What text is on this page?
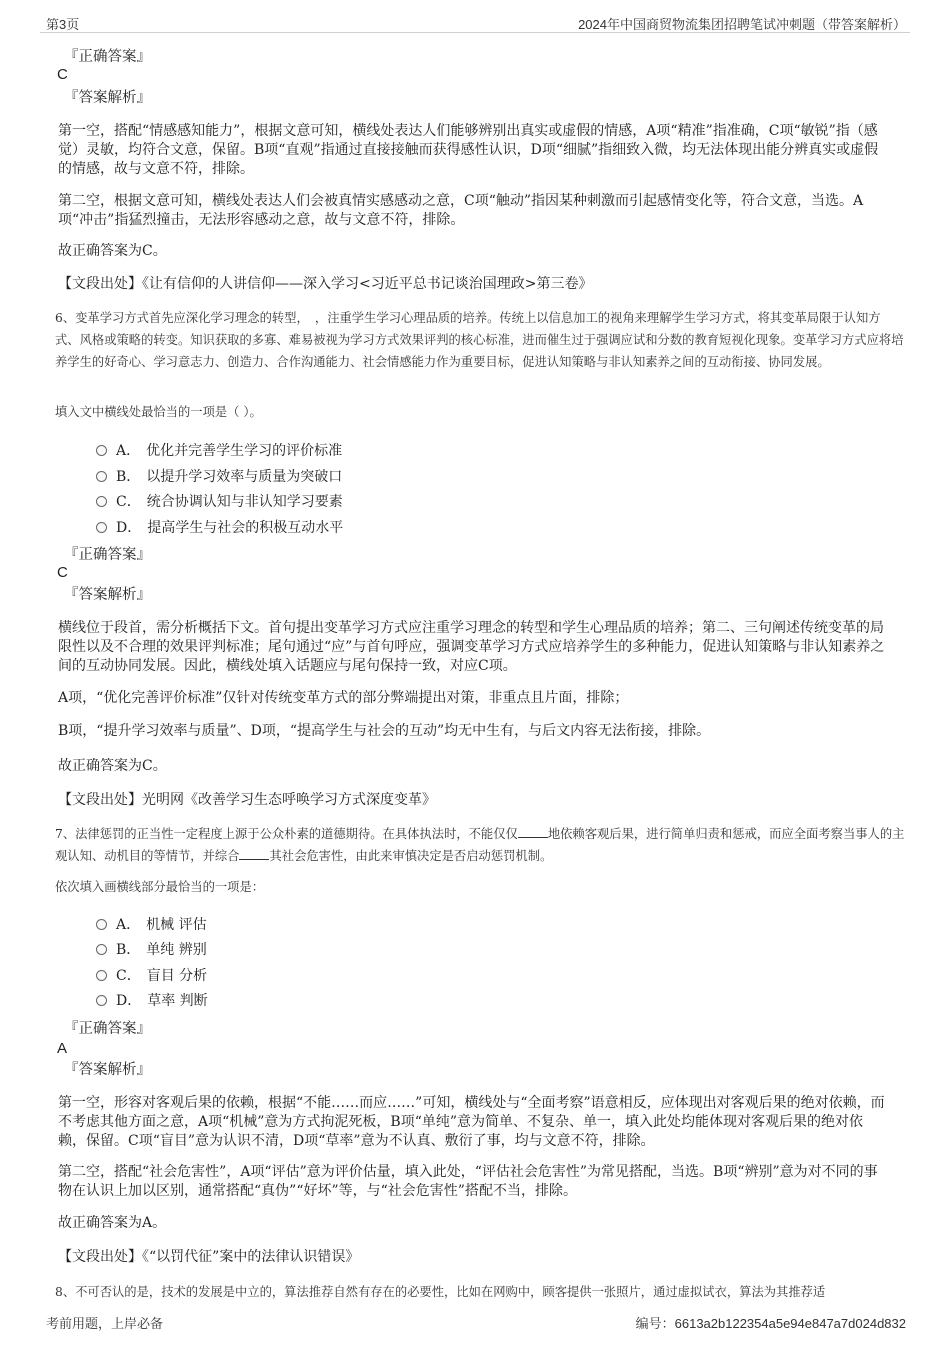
第3页	2024年中国商贸物流集团招聘笔试冲刺题（带答案解析）
『正确答案』
C
『答案解析』
第一空，搭配“情感感知能力”，根据文意可知，横线处表达人们能够辨别出真实或虚假的情感，A项“精准”指准确，C项“敏锐”指（感觉）灵敏，均符合文意，保留。B项“直观”指通过直接接触而获得感性认识，D项“细腻”指细致入微，均无法体现出能分辨真实或虚假的情感，故与文意不符，排除。
第二空，根据文意可知，横线处表达人们会被真情实感感动之意，C项“触动”指因某种刺激而引起感情变化等，符合文意，当选。A项“冲击”指猛烈撞击，无法形容感动之意，故与文意不符，排除。
故正确答案为C。
【文段出处】《让有信仰的人讲信仰——深入学习<习近平总书记谈治国理政>第三卷》
6、变革学习方式首先应深化学习理念的转型，　，注重学生学习心理品质的培养。传统上以信息加工的视角来理解学生学习方式，将其变革局限于认知方式、风格或策略的转变。知识获取的多寡、难易被视为学习方式效果评判的核心标准，进而催生过于强调应试和分数的教育短视化现象。变革学习方式应将培养学生的好奇心、学习意志力、创造力、合作沟通能力、社会情感能力作为重要目标，促进认知策略与非认知素养之间的互动衔接、协同发展。
填入文中横线处最恰当的一项是（ ）。
A． 优化并完善学生学习的评价标准
B． 以提升学习效率与质量为突破口
C． 统合协调认知与非认知学习要素
D． 提高学生与社会的积极互动水平
『正确答案』
C
『答案解析』
横线位于段首，需分析概括下文。首句提出变革学习方式应注重学习理念的转型和学生心理品质的培养；第二、三句阐述传统变革的局限性以及不合理的效果评判标准；尾句通过“应”与首句呼应，强调变革学习方式应培养学生的多种能力，促进认知策略与非认知素养之间的互动协同发展。因此，横线处填入话题应与尾句保持一致，对应C项。
A项，“优化完善评价标准”仅针对传统变革方式的部分弊端提出对策，非重点且片面，排除；
B项，“提升学习效率与质量”、D项，“提高学生与社会的互动”均无中生有，与后文内容无法衔接，排除。
故正确答案为C。
【文段出处】光明网《改善学习生态呼唤学习方式深度变革》
7、法律惩罚的正当性一定程度上源于公众朴素的道德期待。在具体执法时，不能仅仅 地依赖客观后果，进行简单归责和惩戒，而应全面考察当事人的主观认知、动机目的等情节，并综合 其社会危害性，由此来审慎决定是否启动惩罚机制。
依次填入画横线部分最恰当的一项是：
A． 机械 评估
B． 单纯 辨别
C． 盲目 分析
D． 草率 判断
『正确答案』
A
『答案解析』
第一空，形容对客观后果的依赖，根据“不能……而应……”可知，横线处与“全面考察”语意相反，应体现出对客观后果的绝对依赖，而不考虑其他方面之意，A项“机械”意为方式拘泥死板，B项“单纯”意为简单、不复杂、单一，填入此处均能体现对客观后果的绝对依赖，保留。C项“盲目”意为认识不清，D项“草率”意为不认真、敷衍了事，均与文意不符，排除。
第二空，搭配“社会危害性”，A项“评估”意为评价估量，填入此处，“评估社会危害性”为常见搭配，当选。B项“辨别”意为对不同的事物在认识上加以区别，通常搭配“真伪”“好坏”等，与“社会危害性”搭配不当，排除。
故正确答案为A。
【文段出处】《“以罚代征”案中的法律认识错误》
8、不可否认的是，技术的发展是中立的，算法推荐自然有存在的必要性，比如在网购中，顾客提供一张照片，通过虚拟试衣，算法为其推荐适
考前用题，上岸必备	编号：6613a2b122354a5e94e847a7d024d832
